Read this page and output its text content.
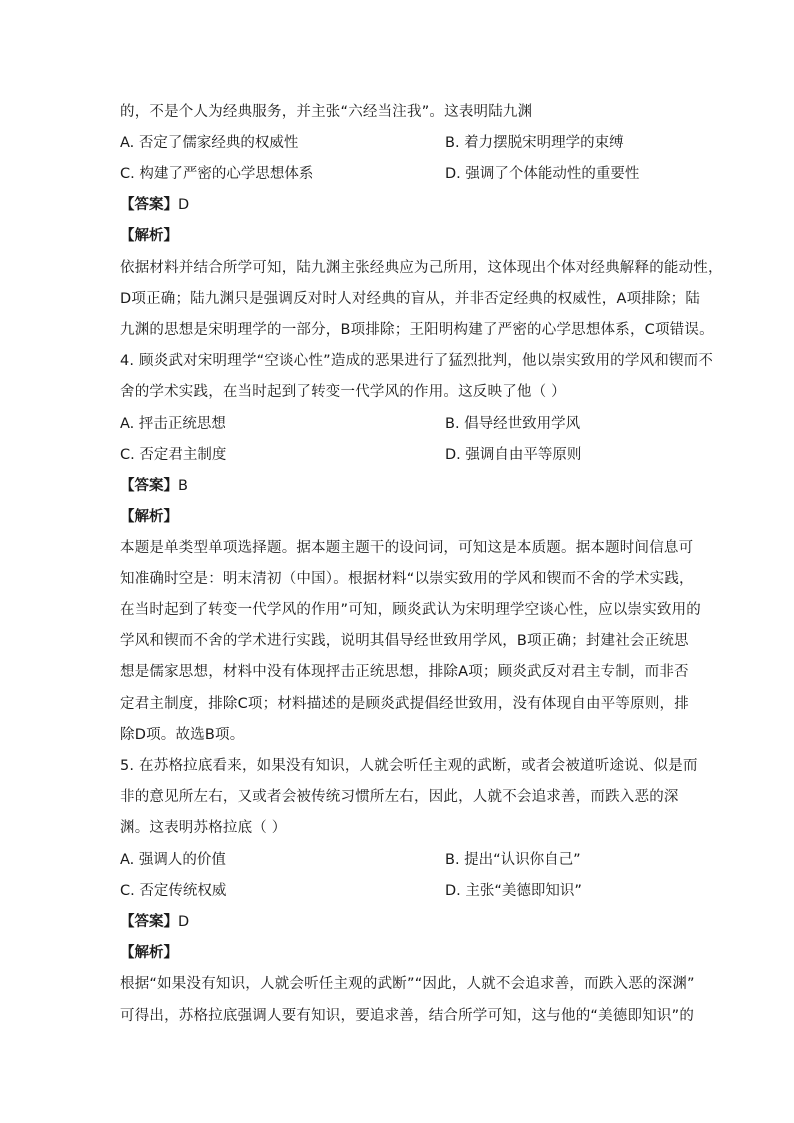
的，不是个人为经典服务，并主张“六经当注我”。这表明陆九渊
A. 否定了儒家经典的权威性	B. 着力摆脱宋明理学的束缚
C. 构建了严密的心学思想体系	D. 强调了个体能动性的重要性
【答案】D
【解析】
依据材料并结合所学可知，陆九渊主张经典应为己所用，这体现出个体对经典解释的能动性，
D项正确；陆九渊只是强调反对时人对经典的盲从，并非否定经典的权威性，A项排除；陆
九渊的思想是宋明理学的一部分，B项排除；王阳明构建了严密的心学思想体系，C项错误。
4. 顾炎武对宋明理学“空谈心性”造成的恶果进行了猛烈批判，他以崇实致用的学风和锲而不
舍的学术实践，在当时起到了转变一代学风的作用。这反映了他（ ）
A. 抨击正统思想	B. 倡导经世致用学风
C. 否定君主制度	D. 强调自由平等原则
【答案】B
【解析】
本题是单类型单项选择题。据本题主题干的设问词，可知这是本质题。据本题时间信息可
知准确时空是：明末清初（中国）。根据材料“以崇实致用的学风和锲而不舍的学术实践，
在当时起到了转变一代学风的作用”可知，顾炎武认为宋明理学空谈心性，应以崇实致用的
学风和锲而不舍的学术进行实践，说明其倡导经世致用学风，B项正确；封建社会正统思
想是儒家思想，材料中没有体现抨击正统思想，排除A项；顾炎武反对君主专制，而非否
定君主制度，排除C项；材料描述的是顾炎武提倡经世致用，没有体现自由平等原则，排
除D项。故选B项。
5. 在苏格拉底看来，如果没有知识，人就会听任主观的武断，或者会被道听途说、似是而
非的意见所左右，又或者会被传统习惯所左右，因此，人就不会追求善，而跌入恶的深
渊。这表明苏格拉底（ ）
A. 强调人的价值	B. 提出“认识你自己”
C. 否定传统权威	D. 主张“美德即知识”
【答案】D
【解析】
根据“如果没有知识，人就会听任主观的武断”“因此，人就不会追求善，而跌入恶的深渊”
可得出，苏格拉底强调人要有知识，要追求善，结合所学可知，这与他的“美德即知识”的
